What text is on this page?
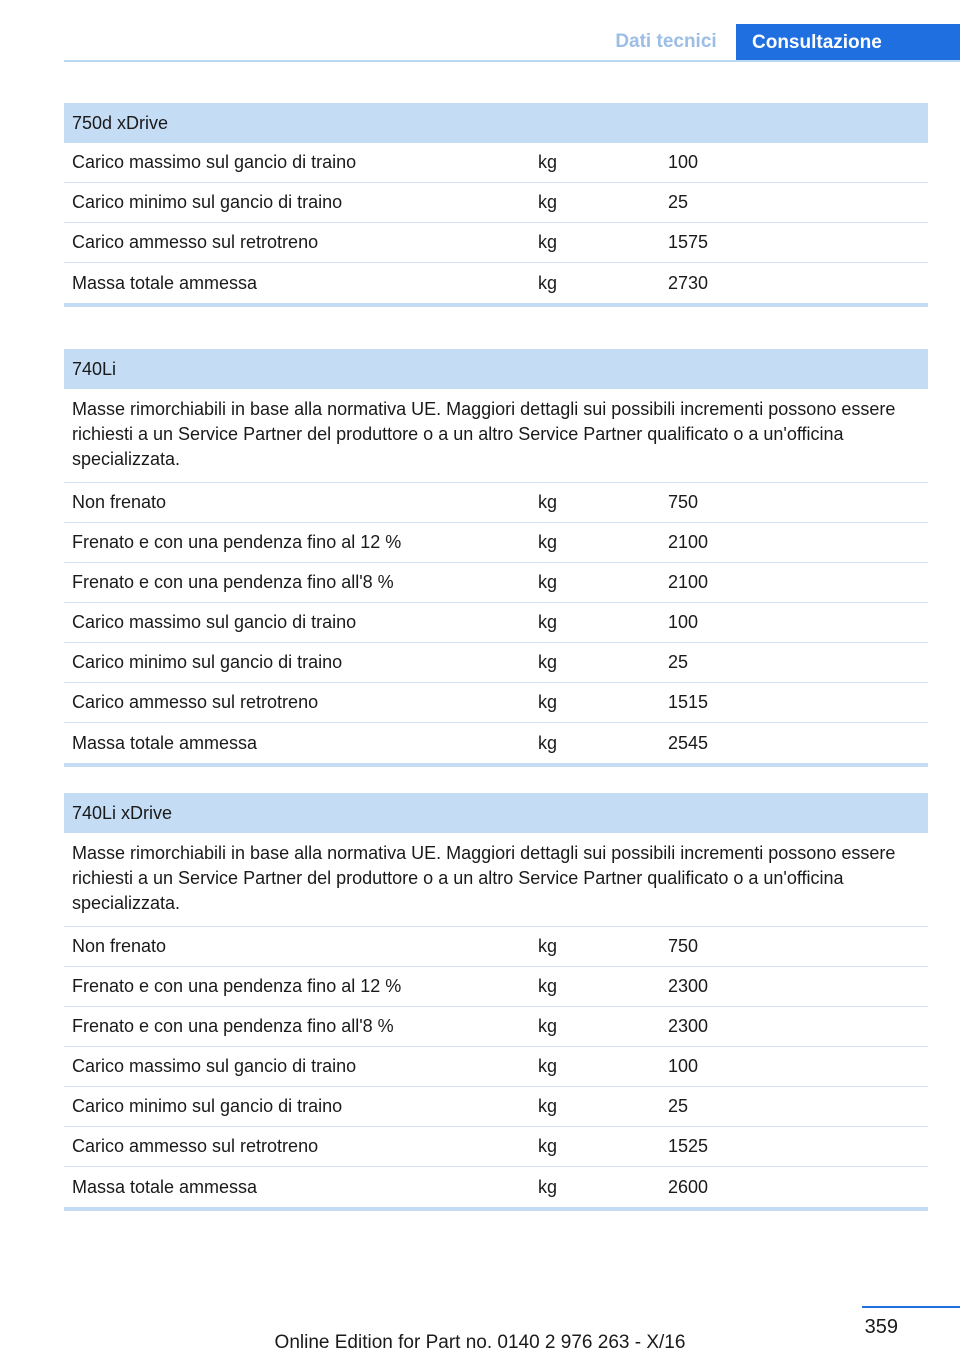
Dati tecnici	Consultazione
750d xDrive
Carico massimo sul gancio di traino	kg	100
Carico minimo sul gancio di traino	kg	25
Carico ammesso sul retrotreno	kg	1575
Massa totale ammessa	kg	2730
740Li
Masse rimorchiabili in base alla normativa UE. Maggiori dettagli sui possibili incrementi possono essere richiesti a un Service Partner del produttore o a un altro Service Partner qualificato o a un'officina specializzata.
Non frenato	kg	750
Frenato e con una pendenza fino al 12 %	kg	2100
Frenato e con una pendenza fino all'8 %	kg	2100
Carico massimo sul gancio di traino	kg	100
Carico minimo sul gancio di traino	kg	25
Carico ammesso sul retrotreno	kg	1515
Massa totale ammessa	kg	2545
740Li xDrive
Masse rimorchiabili in base alla normativa UE. Maggiori dettagli sui possibili incrementi possono essere richiesti a un Service Partner del produttore o a un altro Service Partner qualificato o a un'officina specializzata.
Non frenato	kg	750
Frenato e con una pendenza fino al 12 %	kg	2300
Frenato e con una pendenza fino all'8 %	kg	2300
Carico massimo sul gancio di traino	kg	100
Carico minimo sul gancio di traino	kg	25
Carico ammesso sul retrotreno	kg	1525
Massa totale ammessa	kg	2600
359
Online Edition for Part no. 0140 2 976 263 - X/16
